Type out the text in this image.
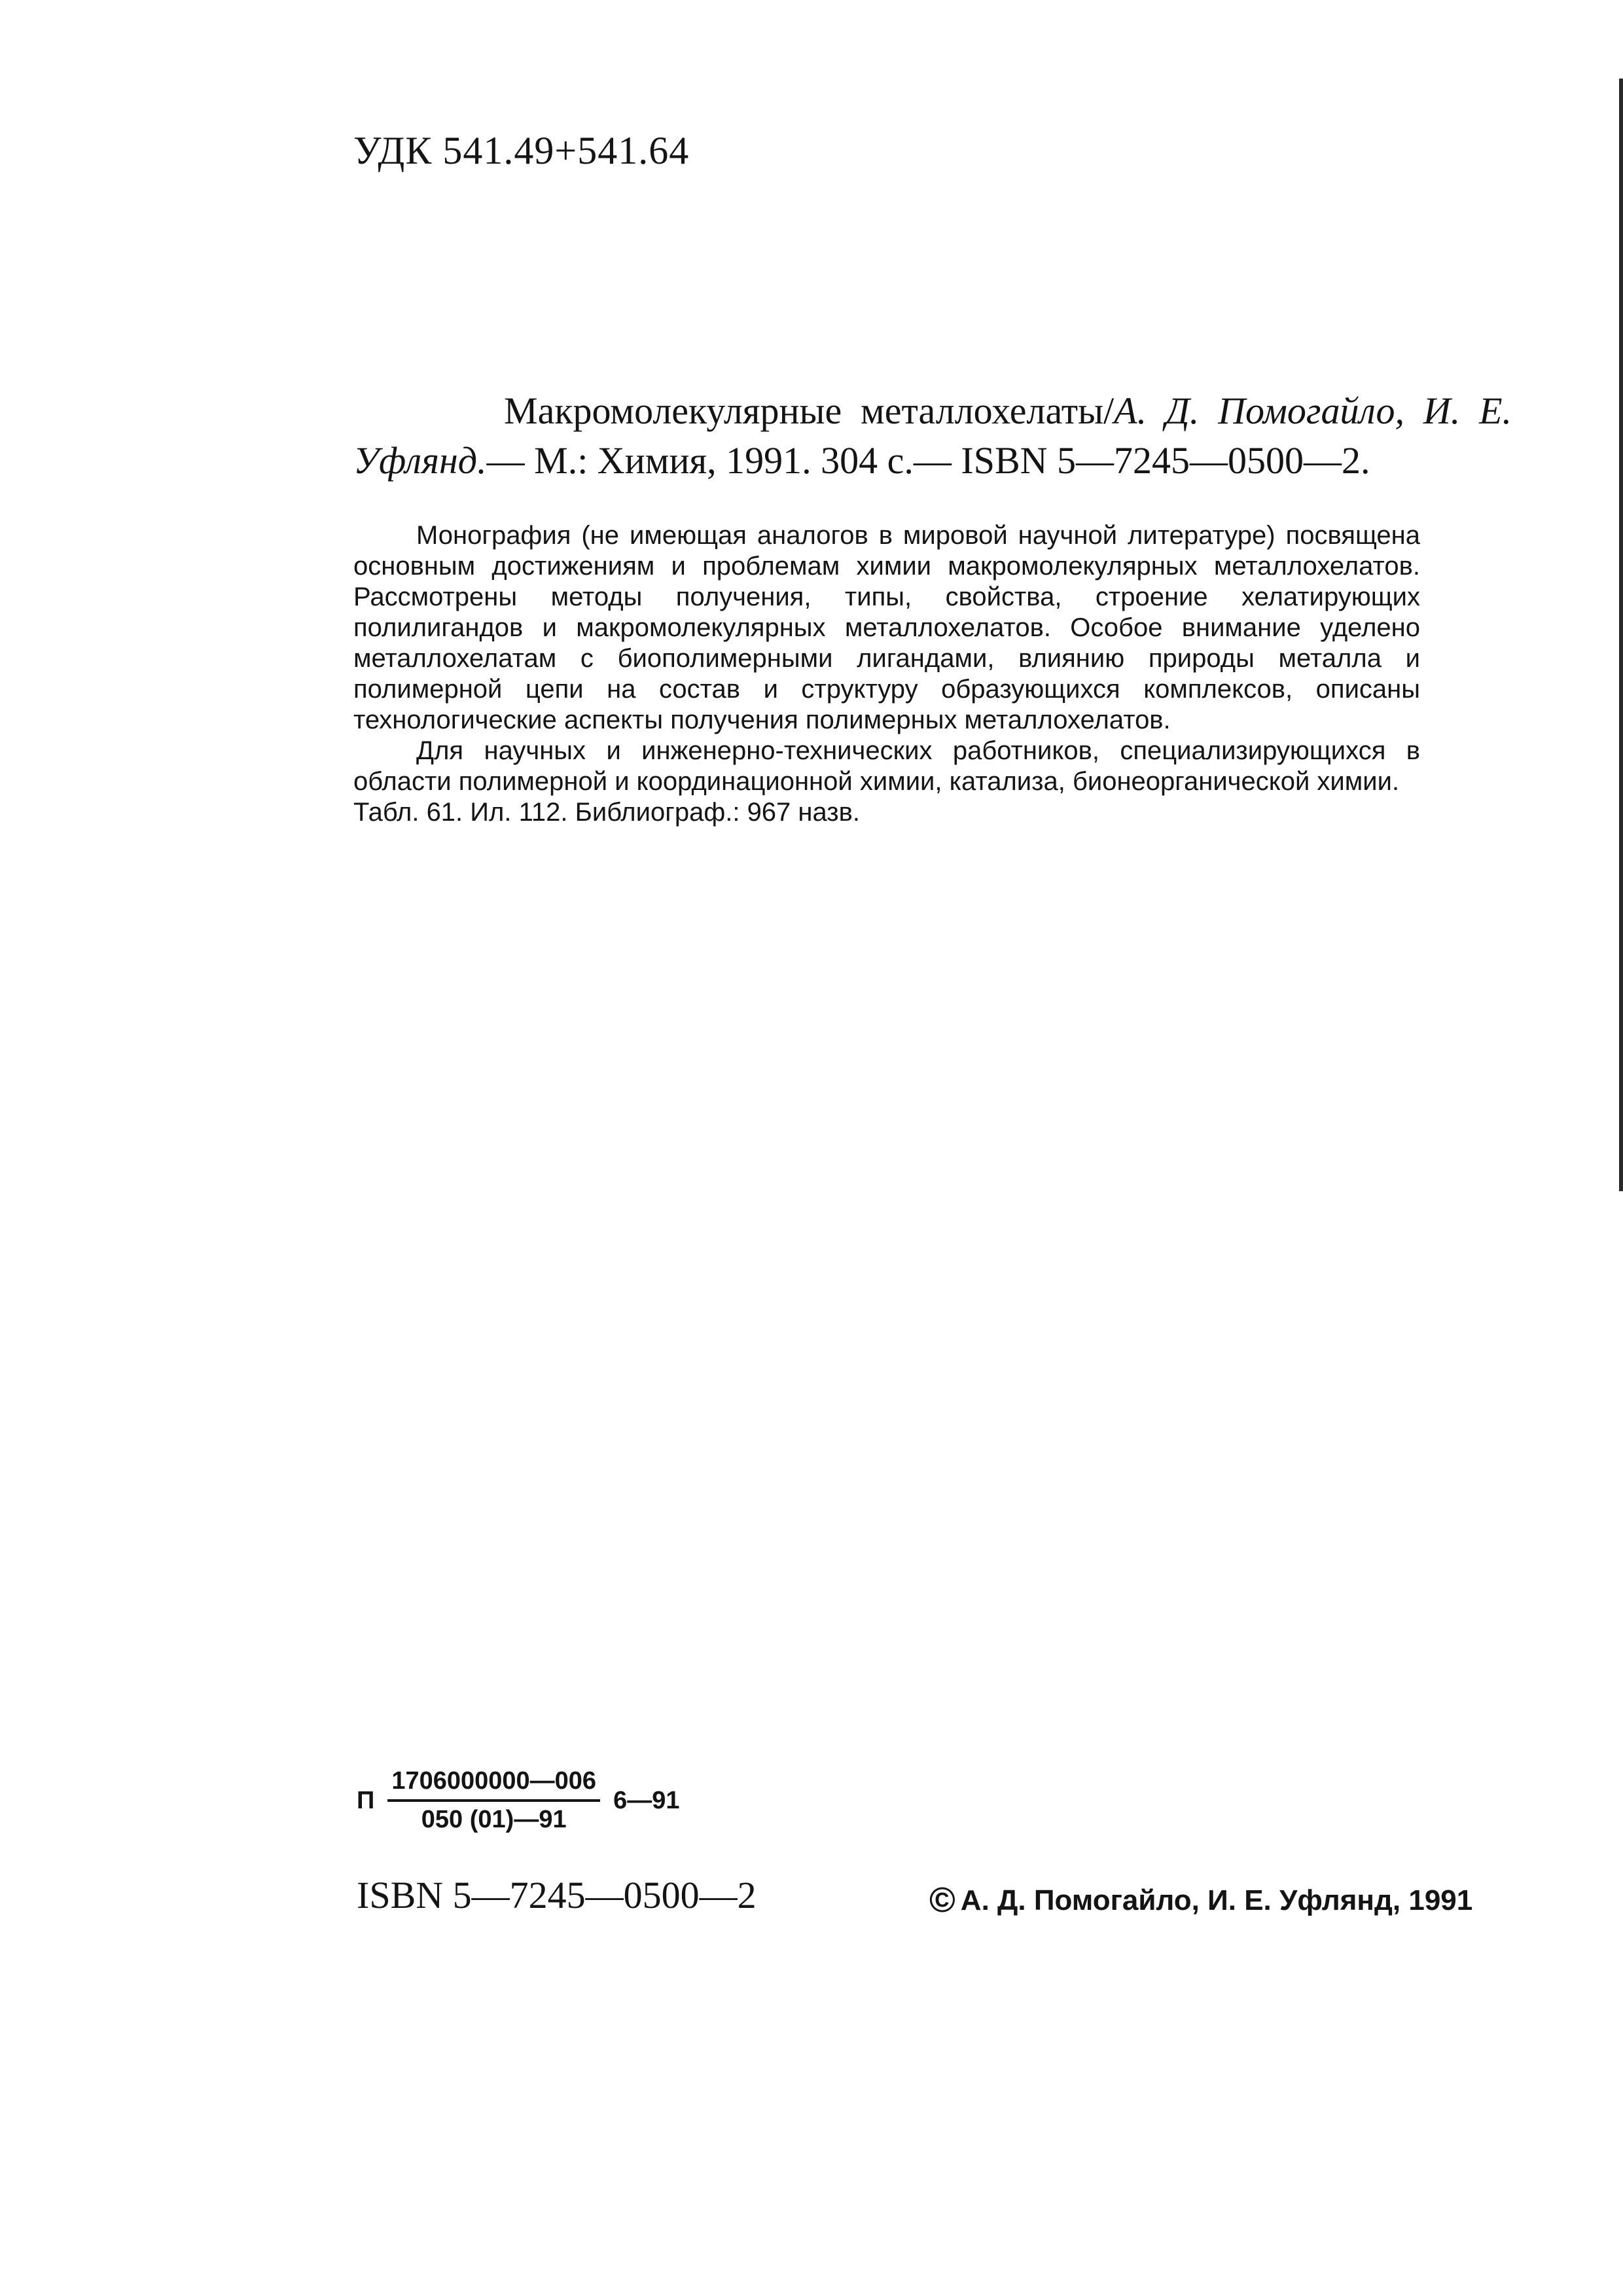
УДК 541.49+541.64
Макромолекулярные металлохелаты/А. Д. Помогайло, И. Е. Уфлянд.— М.: Химия, 1991. 304 с.— ISBN 5—7245—0500—2.

Монография (не имеющая аналогов в мировой научной литературе) посвящена основным достижениям и проблемам химии макромолекулярных металлохелатов. Рассмотрены методы получения, типы, свойства, строение хелатирующих полилигандов и макромолекулярных металлохелатов. Особое внимание уделено металлохелатам с биополимерными лигандами, влиянию природы металла и полимерной цепи на состав и структуру образующихся комплексов, описаны технологические аспекты получения полимерных металлохелатов.

Для научных и инженерно-технических работников, специализирующихся в области полимерной и координационной химии, катализа, бионеорганической химии.

Табл. 61. Ил. 112. Библиограф.: 967 назв.

П $\frac{1706000000—006}{050 (01)—91}$ 6—91
ISBN 5—7245—0500—2	© А. Д. Помогайло, И. Е. Уфлянд, 1991
